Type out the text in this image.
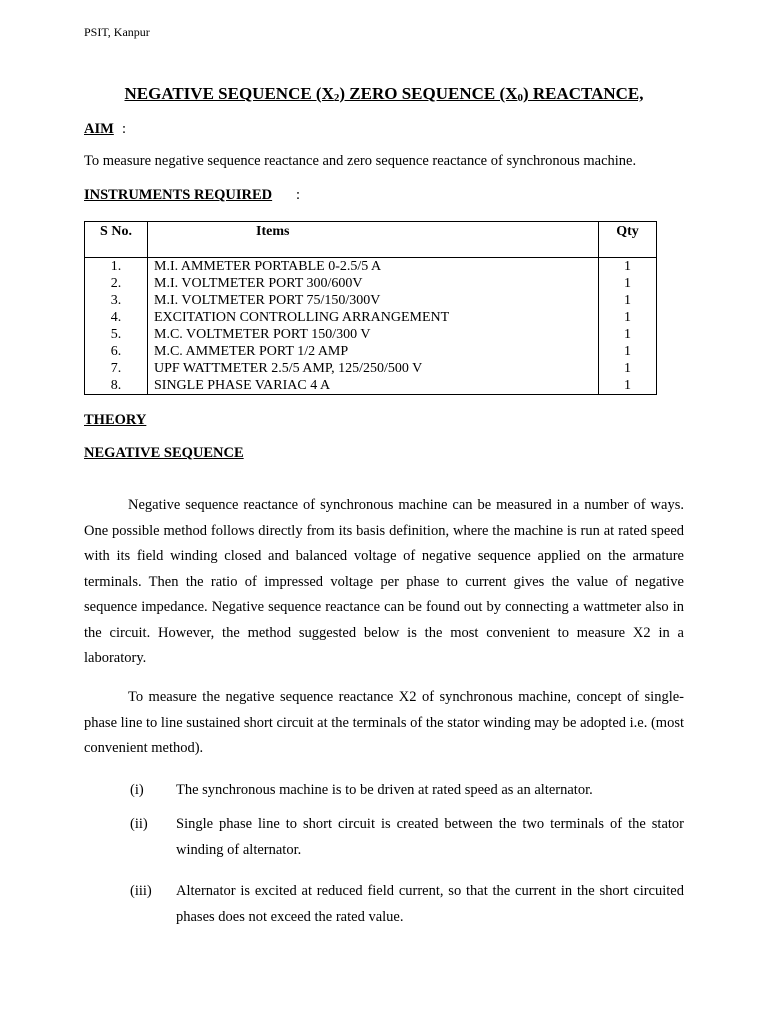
PSIT, Kanpur
NEGATIVE SEQUENCE $(X_2)$ ZERO SEQUENCE $(X_0)$ REACTANCE,
AIM :
To measure negative sequence reactance and zero sequence reactance of synchronous machine.
INSTRUMENTS REQUIRED :
S No.	Items	Qty
1.	M.I. AMMETER PORTABLE 0-2.5/5 A	1
2.	M.I. VOLTMETER PORT 300/600V	1
3.	M.I. VOLTMETER PORT 75/150/300V	1
4.	EXCITATION CONTROLLING ARRANGEMENT	1
5.	M.C. VOLTMETER PORT 150/300 V	1
6.	M.C. AMMETER PORT 1/2 AMP	1
7.	UPF WATTMETER 2.5/5 AMP, 125/250/500 V	1
8.	SINGLE PHASE VARIAC 4 A	1
THEORY
NEGATIVE SEQUENCE
Negative sequence reactance of synchronous machine can be measured in a number of ways. One possible method follows directly from its basis definition, where the machine is run at rated speed with its field winding closed and balanced voltage of negative sequence applied on the armature terminals. Then the ratio of impressed voltage per phase to current gives the value of negative sequence impedance. Negative sequence reactance can be found out by connecting a wattmeter also in the circuit. However, the method suggested below is the most convenient to measure X2 in a laboratory.
To measure the negative sequence reactance X2 of synchronous machine, concept of single-phase line to line sustained short circuit at the terminals of the stator winding may be adopted i.e. (most convenient method).
(i) The synchronous machine is to be driven at rated speed as an alternator.
(ii) Single phase line to short circuit is created between the two terminals of the stator winding of alternator.
(iii) Alternator is excited at reduced field current, so that the current in the short circuited phases does not exceed the rated value.
